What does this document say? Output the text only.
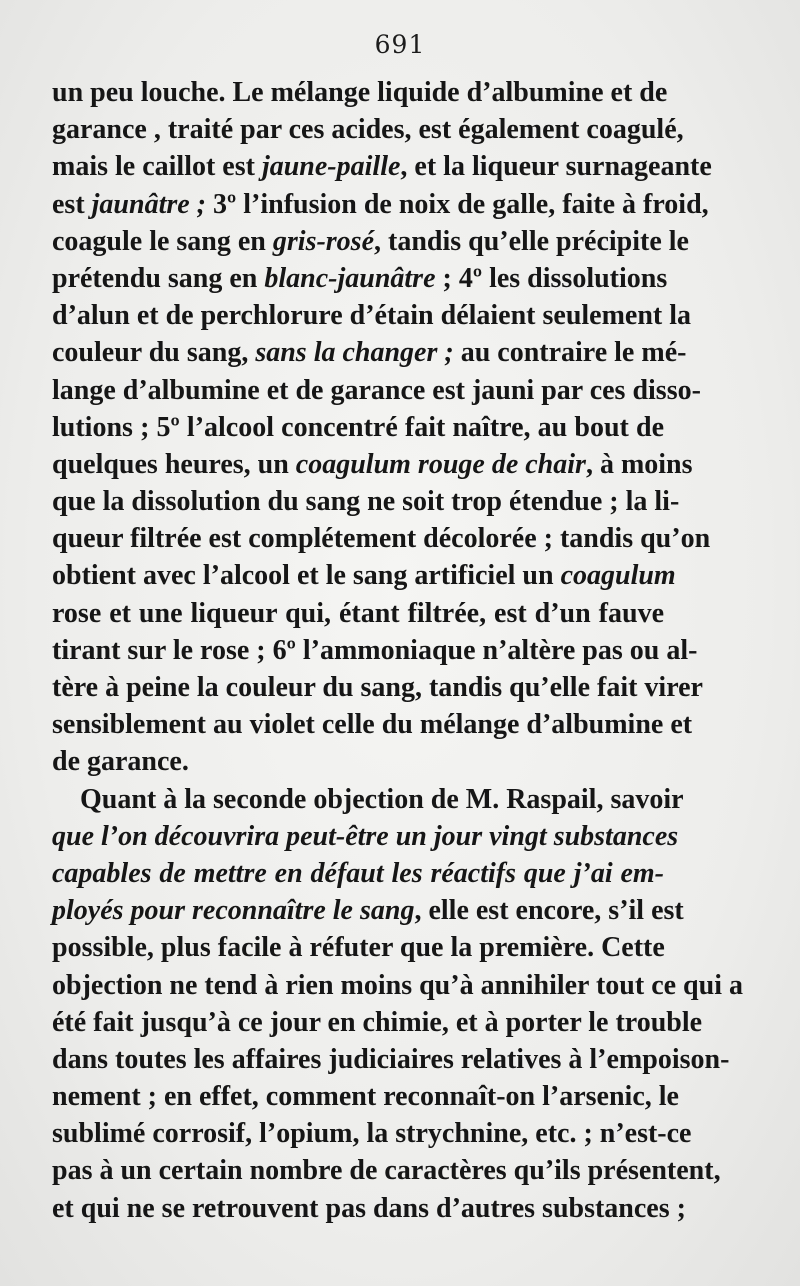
691
un peu louche. Le mélange liquide d’albumine et de
garance , traité par ces acides, est également coagulé,
mais le caillot est jaune-paille, et la liqueur surnageante
est jaunâtre ; 3º l’infusion de noix de galle, faite à froid,
coagule le sang en gris-rosé, tandis qu’elle précipite le
prétendu sang en blanc-jaunâtre ; 4º les dissolutions
d’alun et de perchlorure d’étain délaient seulement la
couleur du sang, sans la changer ; au contraire le mé-
lange d’albumine et de garance est jauni par ces disso-
lutions ; 5º l’alcool concentré fait naître, au bout de
quelques heures, un coagulum rouge de chair, à moins
que la dissolution du sang ne soit trop étendue ; la li-
queur filtrée est complétement décolorée ; tandis qu’on
obtient avec l’alcool et le sang artificiel un coagulum
rose et une liqueur qui, étant filtrée, est d’un fauve
tirant sur le rose ; 6º l’ammoniaque n’altère pas ou al-
tère à peine la couleur du sang, tandis qu’elle fait virer
sensiblement au violet celle du mélange d’albumine et
de garance.
Quant à la seconde objection de M. Raspail, savoir
que l’on découvrira peut-être un jour vingt substances
capables de mettre en défaut les réactifs que j’ai em-
ployés pour reconnaître le sang, elle est encore, s’il est
possible, plus facile à réfuter que la première. Cette
objection ne tend à rien moins qu’à annihiler tout ce qui a
été fait jusqu’à ce jour en chimie, et à porter le trouble
dans toutes les affaires judiciaires relatives à l’empoison-
nement ; en effet, comment reconnaît-on l’arsenic, le
sublimé corrosif, l’opium, la strychnine, etc. ; n’est-ce
pas à un certain nombre de caractères qu’ils présentent,
et qui ne se retrouvent pas dans d’autres substances ;
